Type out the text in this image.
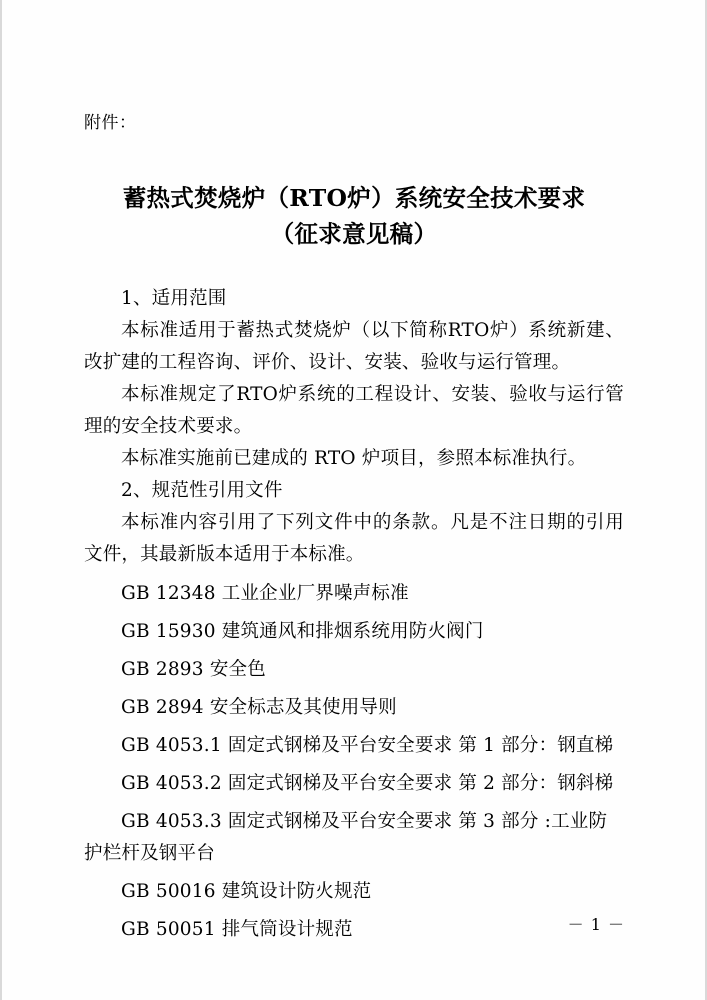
附件：
蓄热式焚烧炉（RTO炉）系统安全技术要求
（征求意见稿）

1、适用范围

本标准适用于蓄热式焚烧炉（以下简称RTO炉）系统新建、改扩建的工程咨询、评价、设计、安装、验收与运行管理。

本标准规定了RTO炉系统的工程设计、安装、验收与运行管理的安全技术要求。

本标准实施前已建成的 RTO 炉项目，参照本标准执行。

2、规范性引用文件

本标准内容引用了下列文件中的条款。凡是不注日期的引用文件，其最新版本适用于本标准。

GB 12348 工业企业厂界噪声标准

GB 15930 建筑通风和排烟系统用防火阀门

GB 2893 安全色

GB 2894 安全标志及其使用导则

GB 4053.1 固定式钢梯及平台安全要求 第 1 部分：钢直梯

GB 4053.2 固定式钢梯及平台安全要求 第 2 部分：钢斜梯

GB 4053.3 固定式钢梯及平台安全要求 第 3 部分 :工业防护栏杆及钢平台

GB 50016 建筑设计防火规范

GB 50051 排气筒设计规范	－ 1 －
